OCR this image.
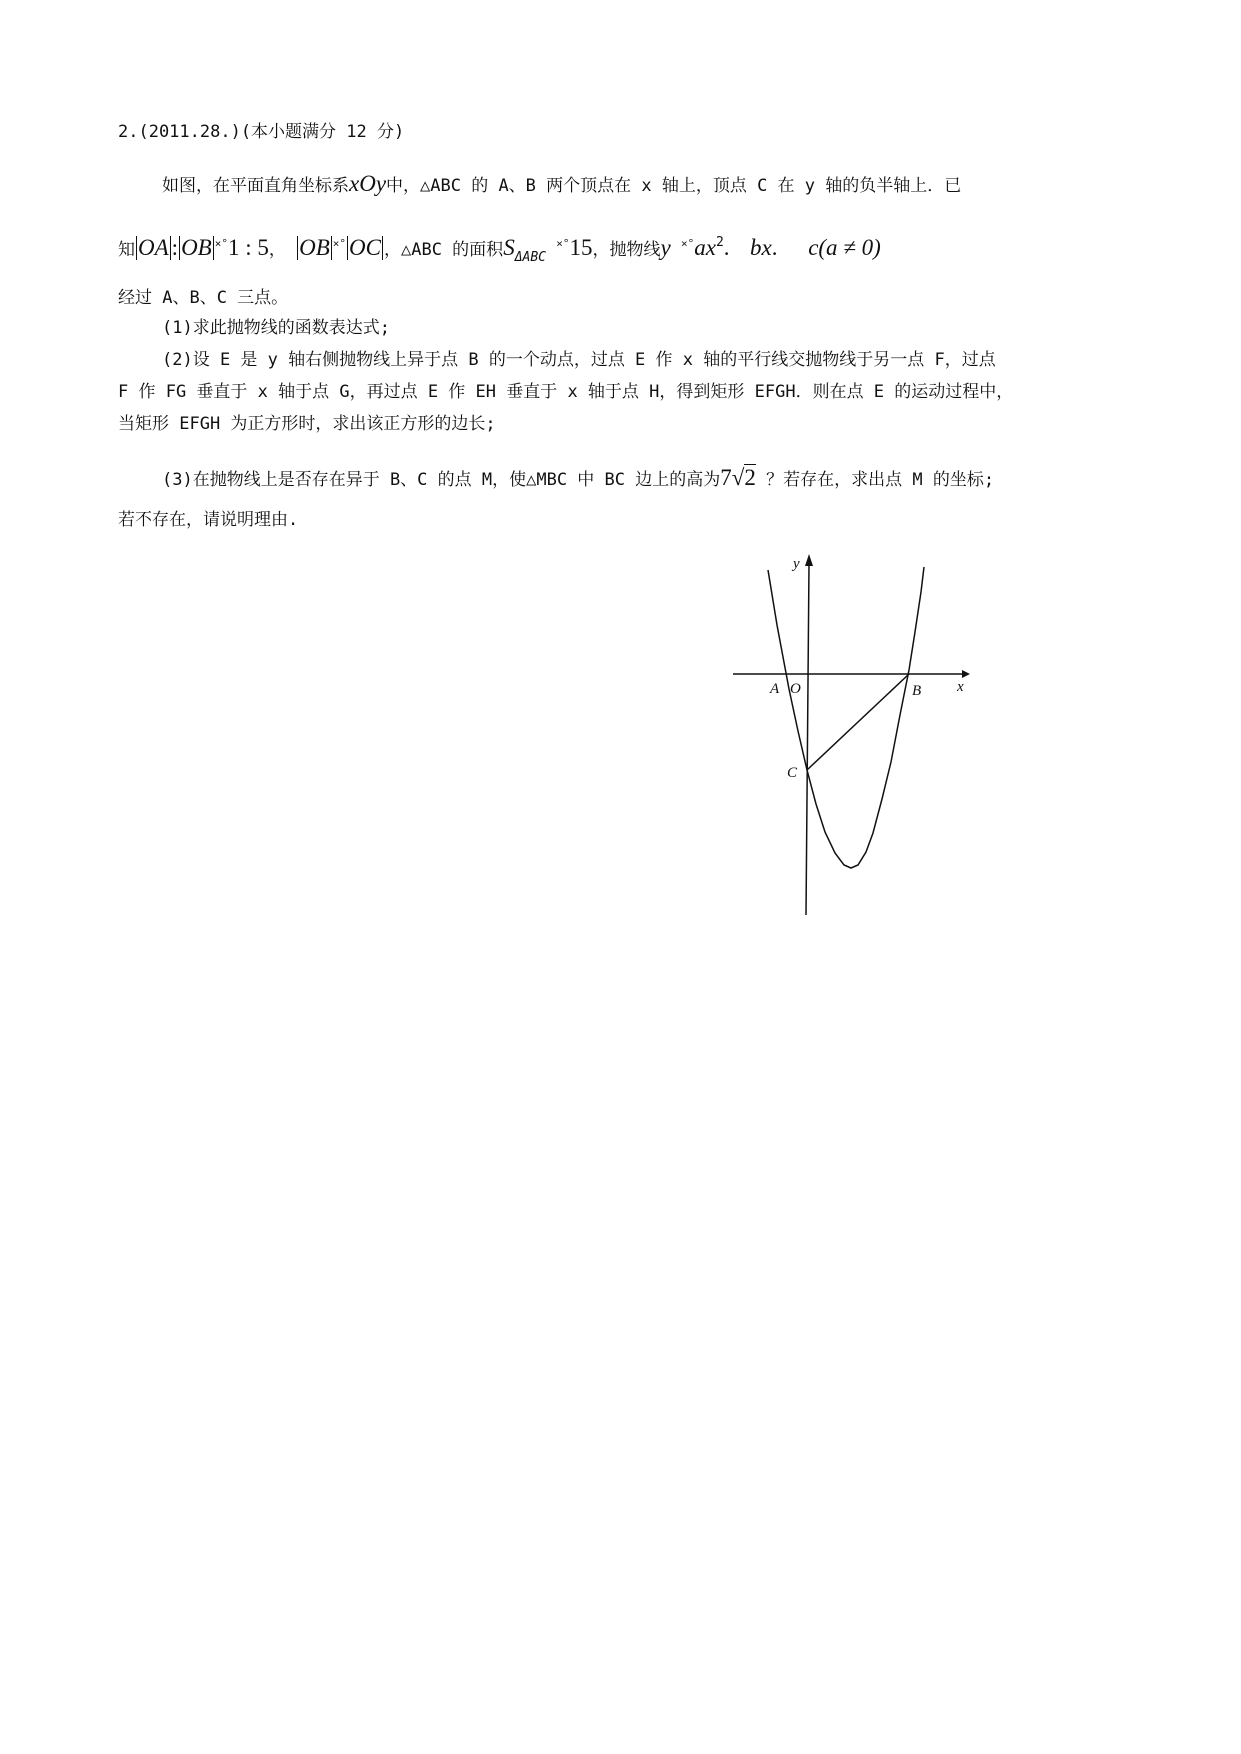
2.(2011.28.)(本小题满分 12 分)
如图，在平面直角坐标系xOy中，△ABC 的 A、B 两个顶点在 x 轴上，顶点 C 在 y 轴的负半轴上．已
知 OA : OB ×°1 : 5， OB ×° OC ，△ABC 的面积$S_{\Delta ABC}$ ×°15，抛物线y $^{\times^\circ}ax^2$. bx. c(a ≠ 0)
经过 A、B、C 三点。
(1)求此抛物线的函数表达式;
(2)设 E 是 y 轴右侧抛物线上异于点 B 的一个动点，过点 E 作 x 轴的平行线交抛物线于另一点 F，过点
F 作 FG 垂直于 x 轴于点 G，再过点 E 作 EH 垂直于 x 轴于点 H，得到矩形 EFGH．则在点 E 的运动过程中，
当矩形 EFGH 为正方形时，求出该正方形的边长;
(3)在抛物线上是否存在异于 B、C 的点 M，使△MBC 中 BC 边上的高为7√2 ？若存在，求出点 M 的坐标;
若不存在，请说明理由.
y
x
A O	B
C
